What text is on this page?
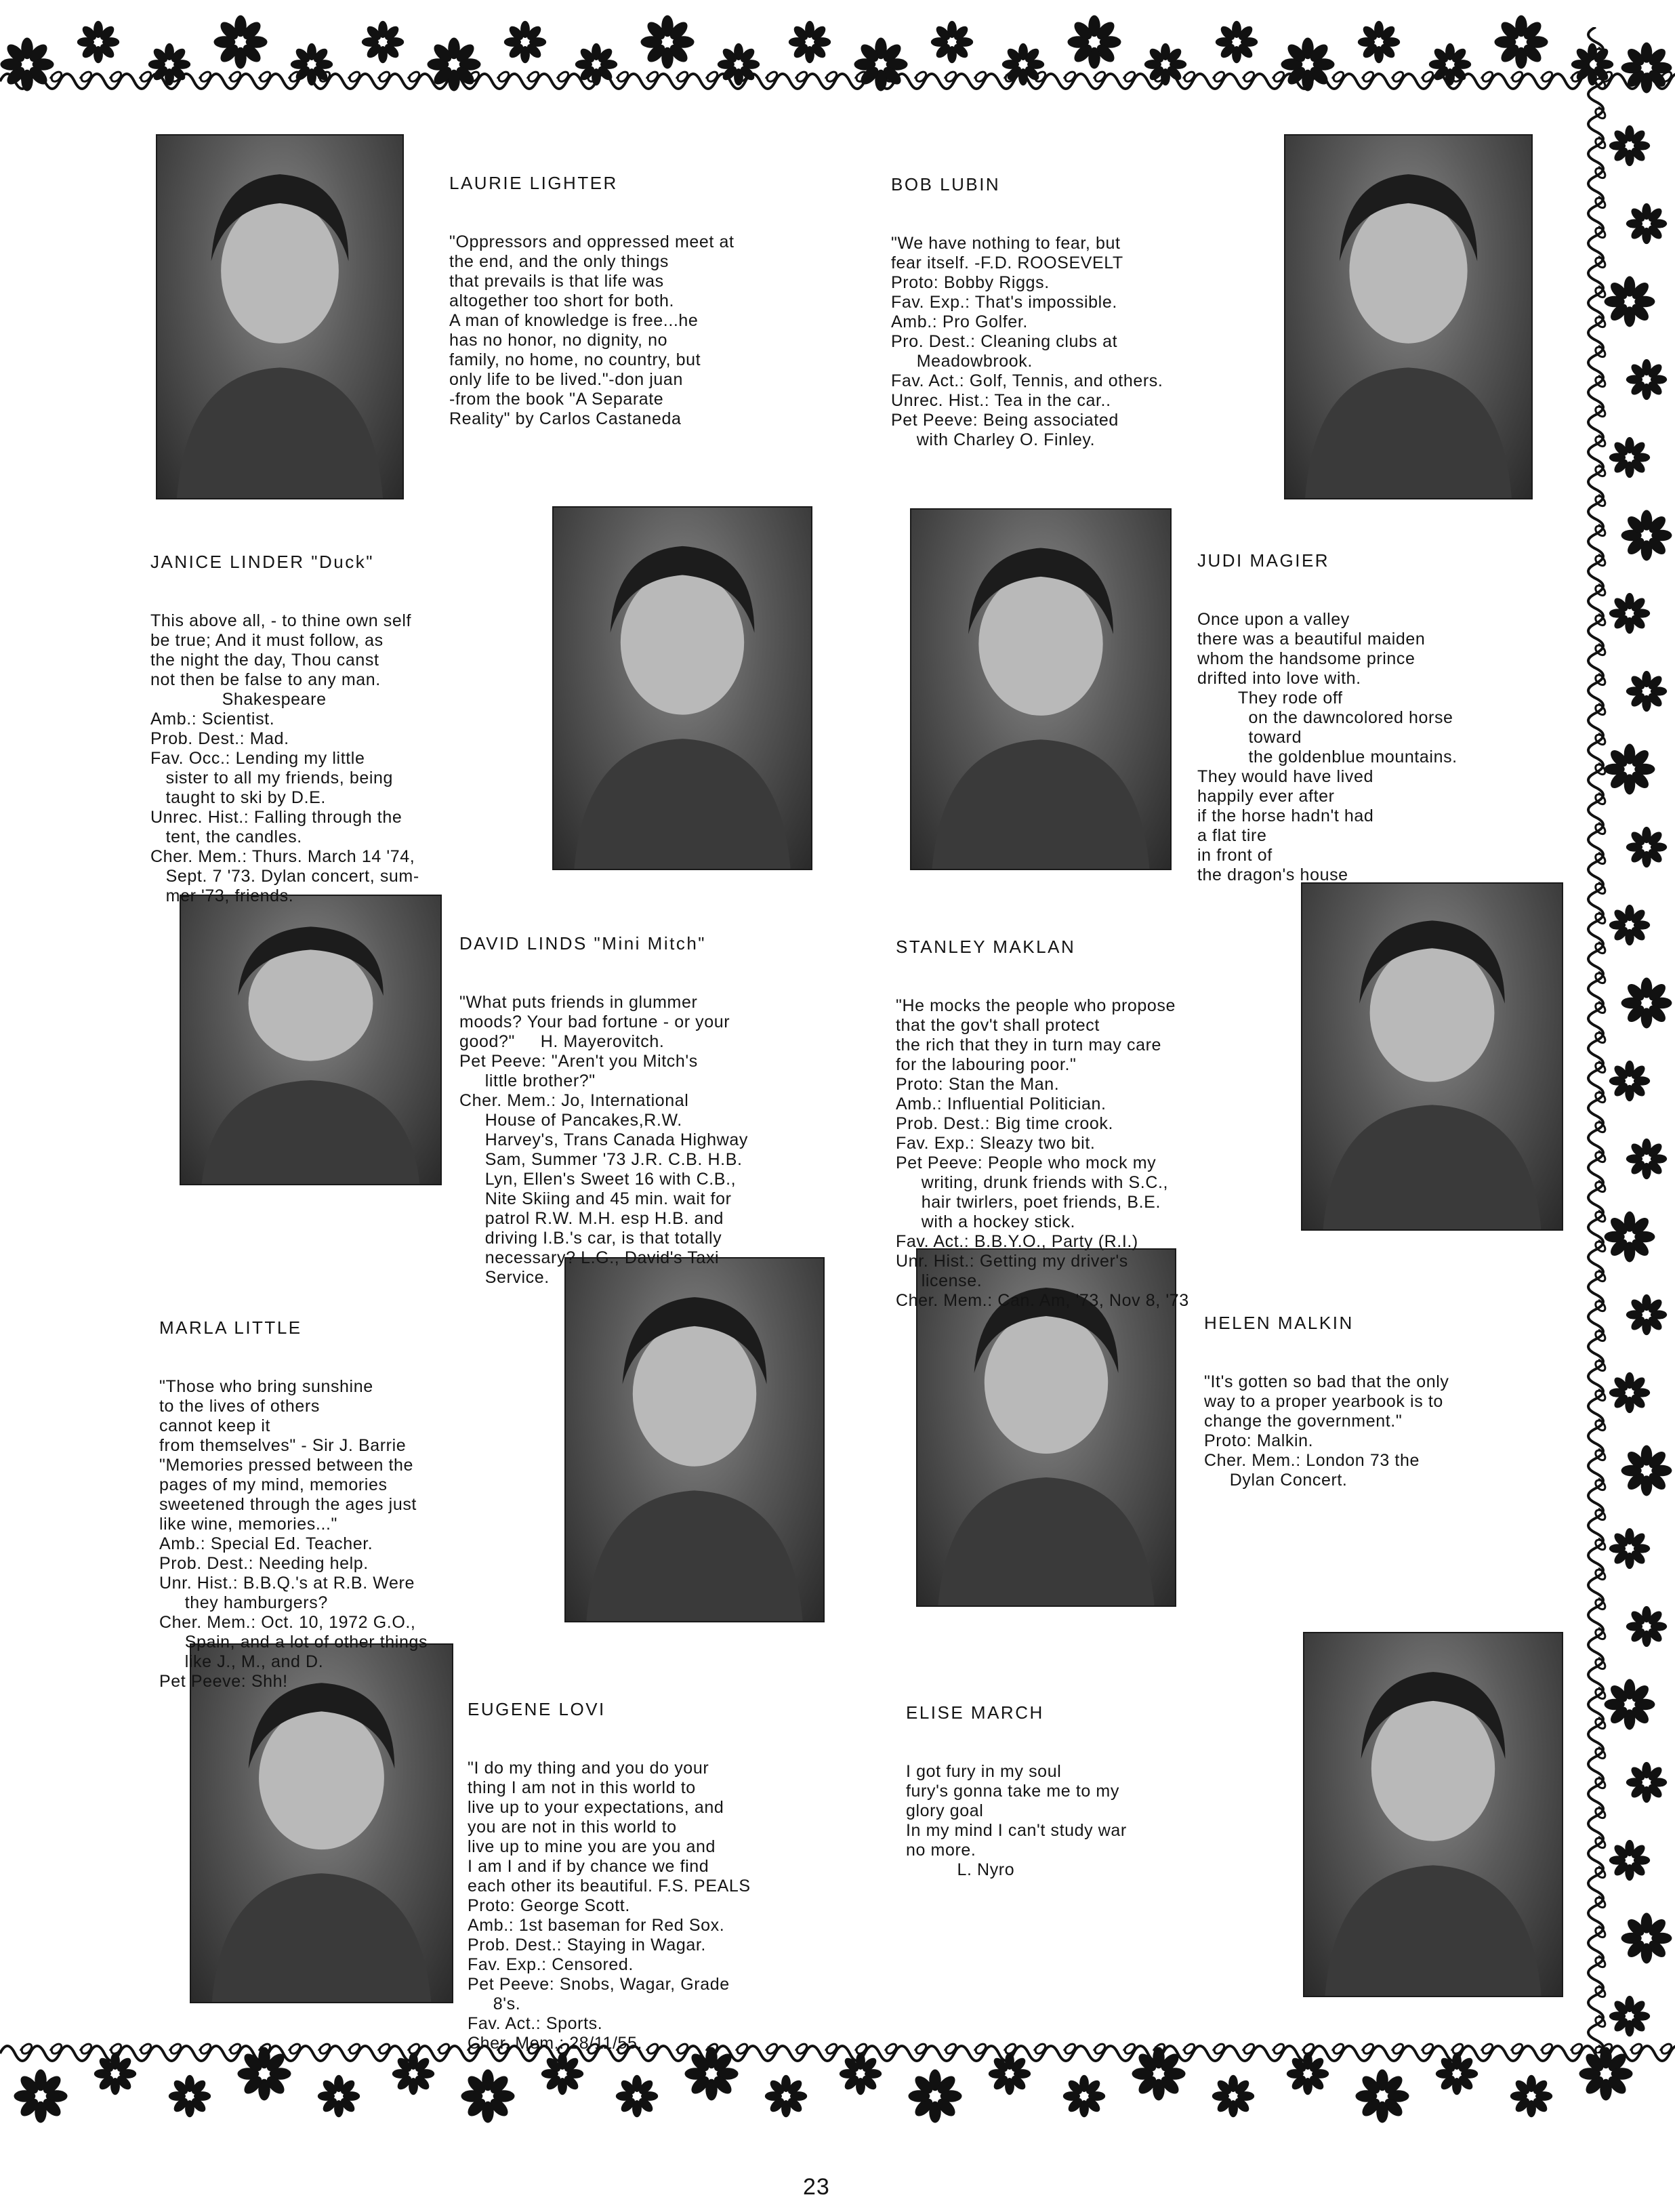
LAURIE LIGHTER

"Oppressors and oppressed meet at
the end, and the only things
that prevails is that life was
altogether too short for both.
A man of knowledge is free...he
has no honor, no dignity, no
family, no home, no country, but
only life to be lived."-don juan
-from the book "A Separate
Reality" by Carlos Castaneda

BOB LUBIN

"We have nothing to fear, but
fear itself. -F.D. ROOSEVELT
Proto: Bobby Riggs.
Fav. Exp.: That's impossible.
Amb.: Pro Golfer.
Pro. Dest.: Cleaning clubs at
Meadowbrook.
Fav. Act.: Golf, Tennis, and others.
Unrec. Hist.: Tea in the car..
Pet Peeve: Being associated
with Charley O. Finley.

JANICE LINDER "Duck"

This above all, - to thine own self
be true; And it must follow, as
the night the day, Thou canst
not then be false to any man.
Shakespeare
Amb.: Scientist.
Prob. Dest.: Mad.
Fav. Occ.: Lending my little
sister to all my friends, being
taught to ski by D.E.
Unrec. Hist.: Falling through the
tent, the candles.
Cher. Mem.: Thurs. March 14 '74,
Sept. 7 '73. Dylan concert, sum-
mer '73, friends.

JUDI MAGIER

Once upon a valley
there was a beautiful maiden
whom the handsome prince
drifted into love with.
They rode off
on the dawncolored horse
toward
the goldenblue mountains.
They would have lived
happily ever after
if the horse hadn't had
a flat tire
in front of
the dragon's house

DAVID LINDS "Mini Mitch"

"What puts friends in glummer
moods? Your bad fortune - or your
good?"     H. Mayerovitch.
Pet Peeve: "Aren't you Mitch's
little brother?"
Cher. Mem.: Jo, International
House of Pancakes,R.W.
Harvey's, Trans Canada Highway
Sam, Summer '73 J.R. C.B. H.B.
Lyn, Ellen's Sweet 16 with C.B.,
Nite Skiing and 45 min. wait for
patrol R.W. M.H. esp H.B. and
driving I.B.'s car, is that totally
necessary? L.G., David's Taxi
Service.

STANLEY MAKLAN

"He mocks the people who propose
that the gov't shall protect
the rich that they in turn may care
for the labouring poor."
Proto: Stan the Man.
Amb.: Influential Politician.
Prob. Dest.: Big time crook.
Fav. Exp.: Sleazy two bit.
Pet Peeve: People who mock my
writing, drunk friends with S.C.,
hair twirlers, poet friends, B.E.
with a hockey stick.
Fav. Act.: B.B.Y.O., Party (R.I.)
Unr. Hist.: Getting my driver's
license.
Cher. Mem.: Can. Am, '73, Nov 8, '73

MARLA LITTLE

"Those who bring sunshine
to the lives of others
cannot keep it
from themselves" - Sir J. Barrie
"Memories pressed between the
pages of my mind, memories
sweetened through the ages just
like wine, memories..."
Amb.: Special Ed. Teacher.
Prob. Dest.: Needing help.
Unr. Hist.: B.B.Q.'s at R.B. Were
they hamburgers?
Cher. Mem.: Oct. 10, 1972 G.O.,
Spain, and a lot of other things
like J., M., and D.
Pet Peeve: Shh!

HELEN MALKIN

"It's gotten so bad that the only
way to a proper yearbook is to
change the government."
Proto: Malkin.
Cher. Mem.: London 73 the
Dylan Concert.

EUGENE LOVI

"I do my thing and you do your
thing I am not in this world to
live up to your expectations, and
you are not in this world to
live up to mine you are you and
I am I and if by chance we find
each other its beautiful. F.S. PEALS
Proto: George Scott.
Amb.: 1st baseman for Red Sox.
Prob. Dest.: Staying in Wagar.
Fav. Exp.: Censored.
Pet Peeve: Snobs, Wagar, Grade
8's.
Fav. Act.: Sports.
Cher. Mem.: 28/11/55.

ELISE MARCH

I got fury in my soul
fury's gonna take me to my
glory goal
In my mind I can't study war
no more.
L. Nyro

23
